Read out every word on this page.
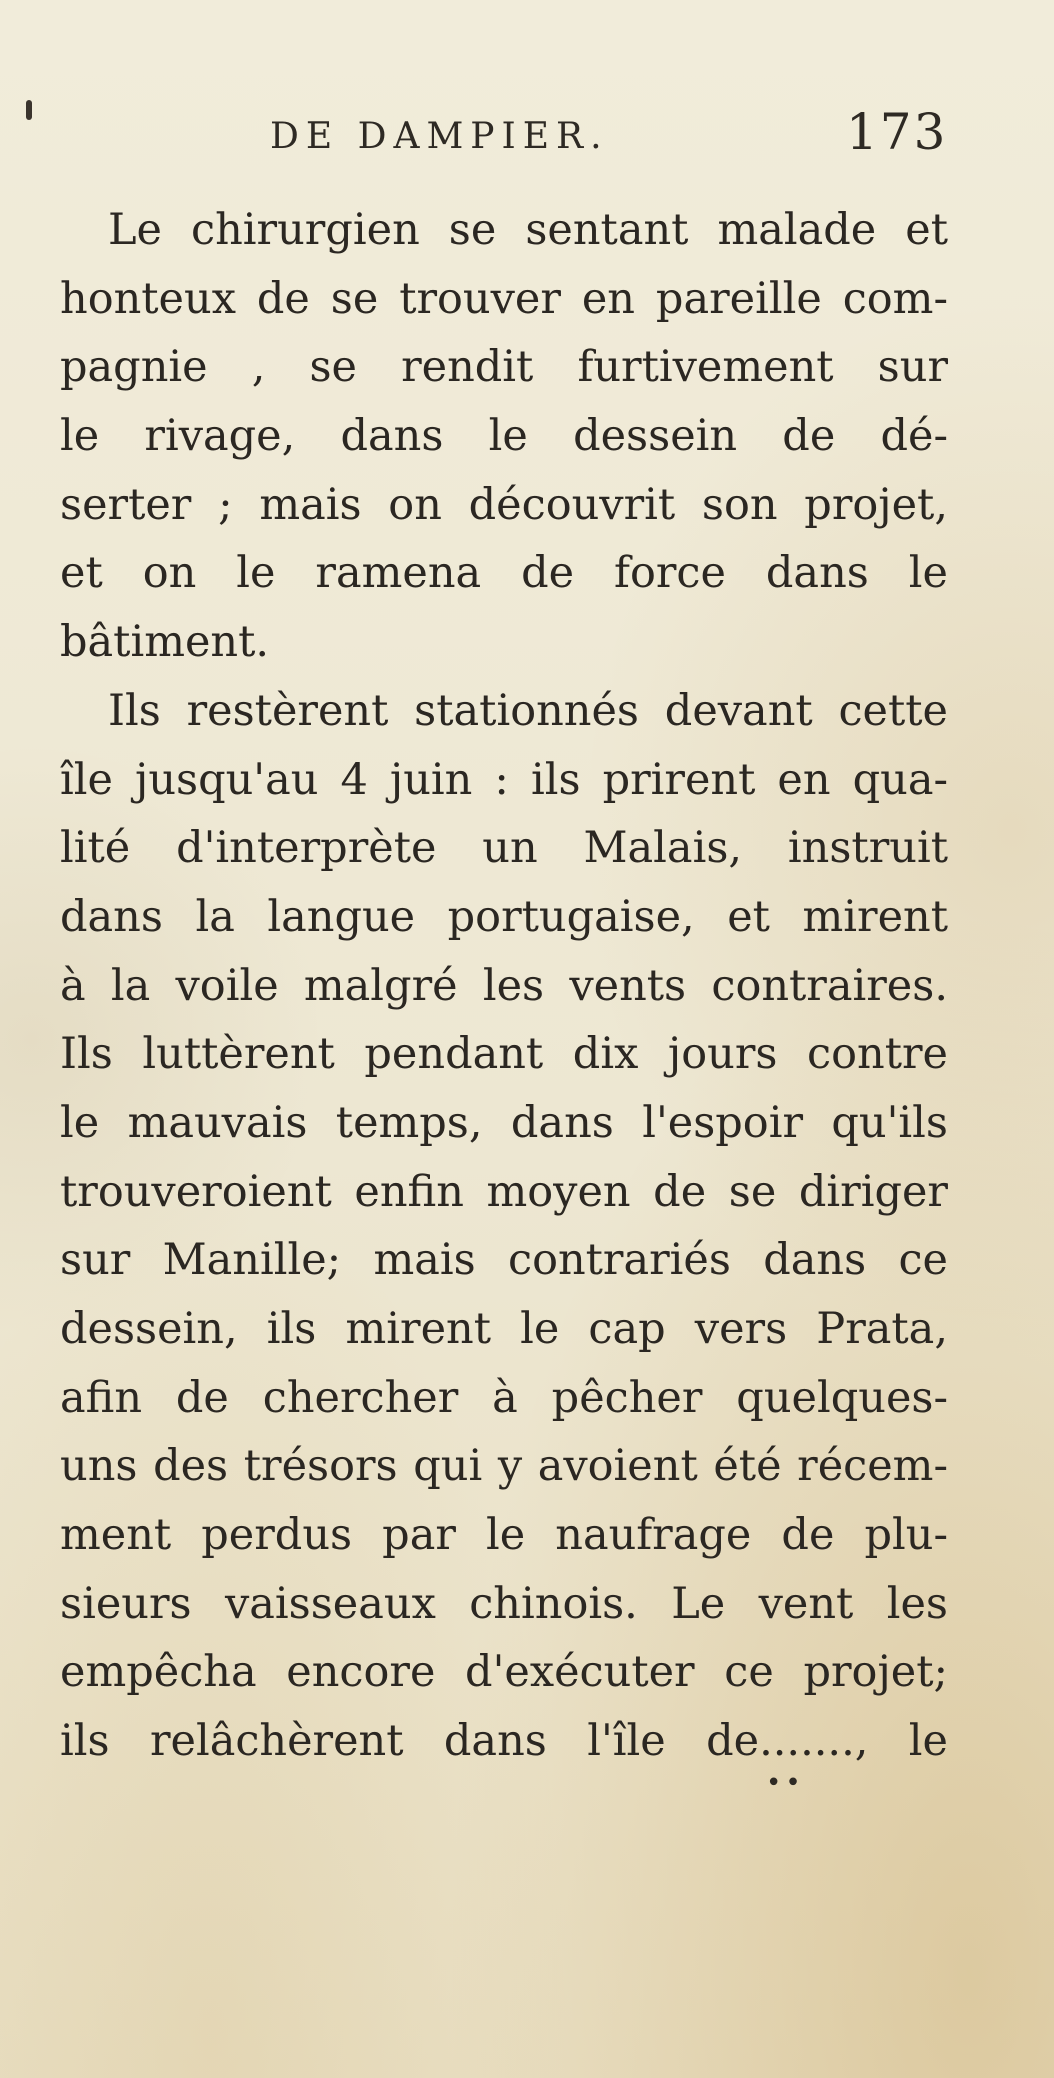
DE DAMPIER.	173
Le chirurgien se sentant malade et
honteux de se trouver en pareille com-
pagnie , se rendit furtivement sur
le rivage, dans le dessein de dé-
serter ; mais on découvrit son projet,
et on le ramena de force dans le
bâtiment.
Ils restèrent stationnés devant cette
île jusqu'au 4 juin : ils prirent en qua-
lité d'interprète un Malais, instruit
dans la langue portugaise, et mirent
à la voile malgré les vents contraires.
Ils luttèrent pendant dix jours contre
le mauvais temps, dans l'espoir qu'ils
trouveroient enfin moyen de se diriger
sur Manille; mais contrariés dans ce
dessein, ils mirent le cap vers Prata,
afin de chercher à pêcher quelques-
uns des trésors qui y avoient été récem-
ment perdus par le naufrage de plu-
sieurs vaisseaux chinois. Le vent les
empêcha encore d'exécuter ce projet;
ils relâchèrent dans l'île de......., le
••
